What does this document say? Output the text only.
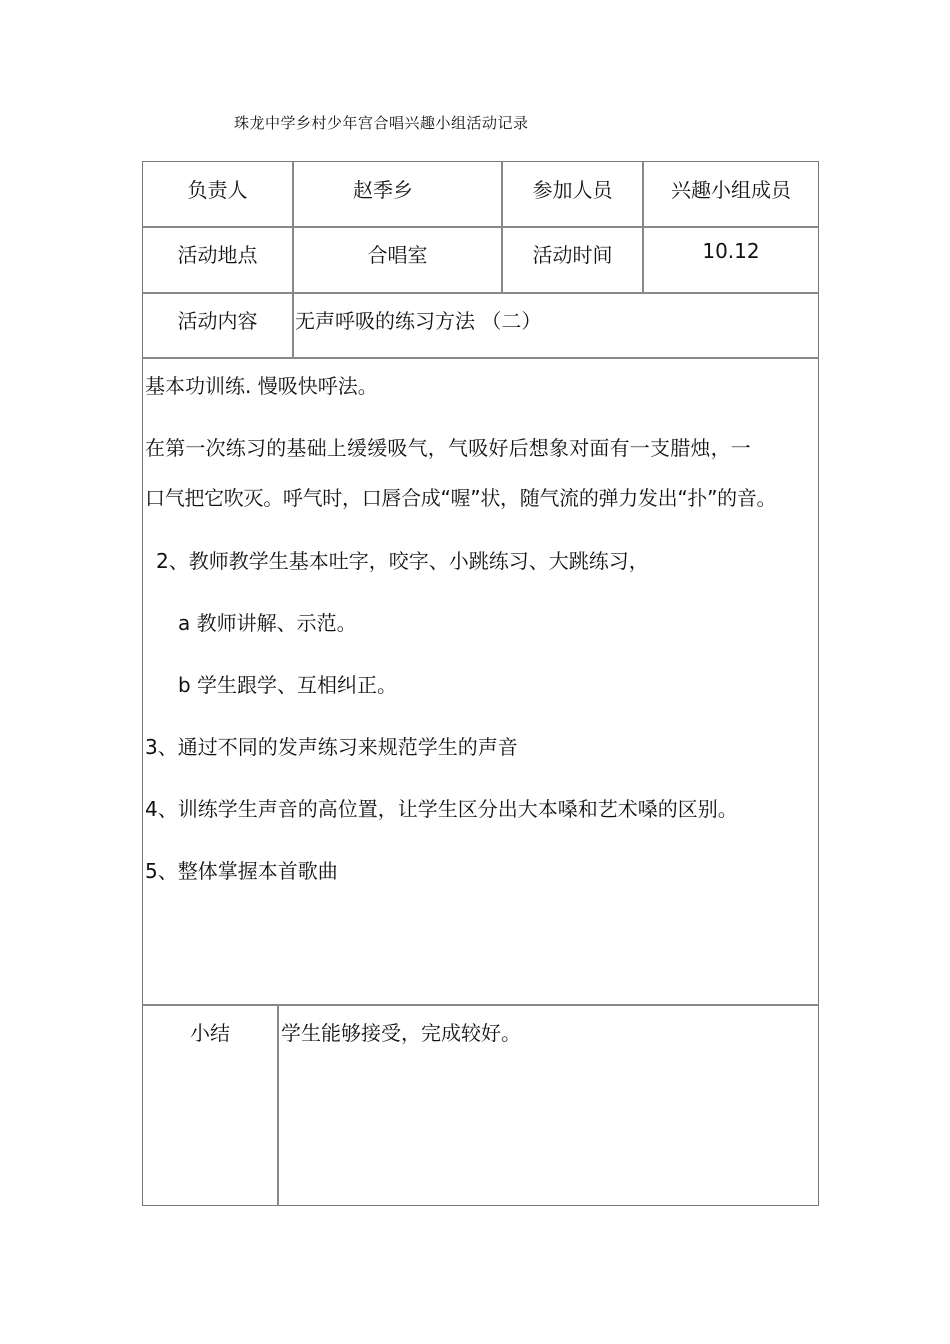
珠龙中学乡村少年宫合唱兴趣小组活动记录
负责人	赵季乡	参加人员	兴趣小组成员
活动地点	合唱室	活动时间	10.12
活动内容	无声呼吸的练习方法 （二）
基本功训练. 慢吸快呼法。
在第一次练习的基础上缓缓吸气，气吸好后想象对面有一支腊烛，一
口气把它吹灭。呼气时，口唇合成“喔”状，随气流的弹力发出“扑”的音。
2、教师教学生基本吐字，咬字、小跳练习、大跳练习，
a 教师讲解、示范。
b 学生跟学、互相纠正。
3、通过不同的发声练习来规范学生的声音
4、训练学生声音的高位置，让学生区分出大本嗓和艺术嗓的区别。
5、整体掌握本首歌曲
小结	学生能够接受，完成较好。
